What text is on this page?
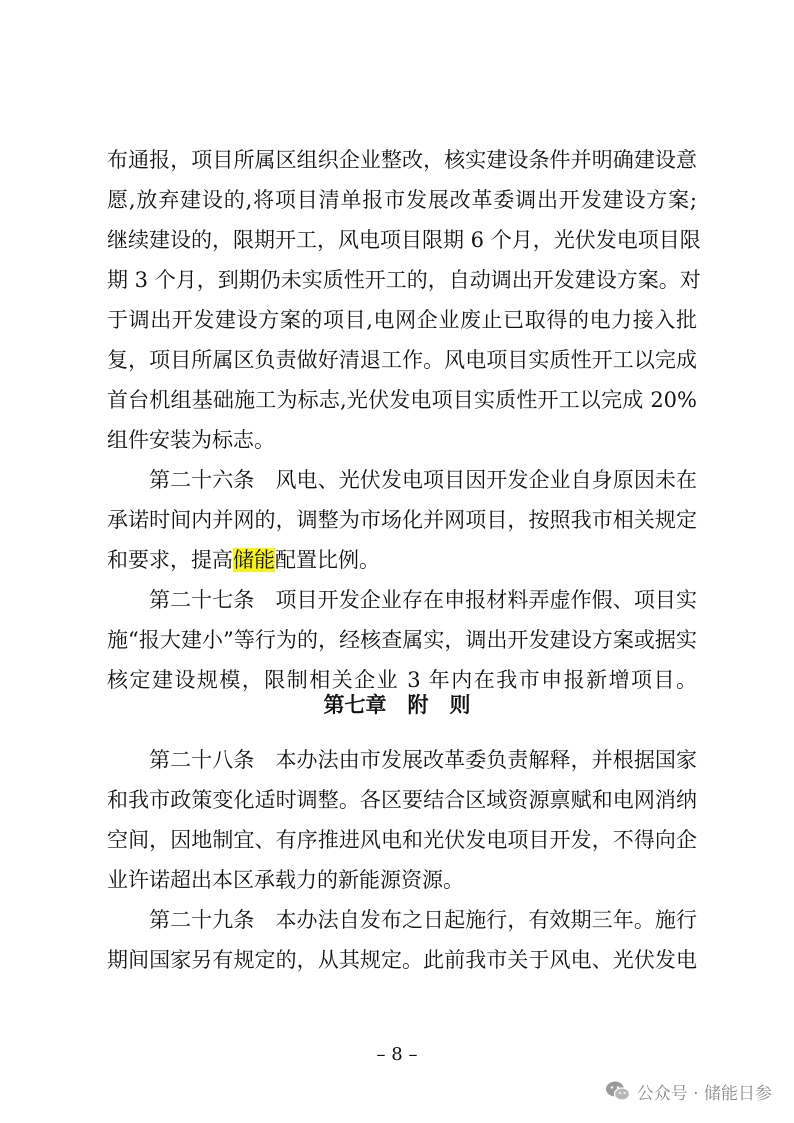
布通报，项目所属区组织企业整改，核实建设条件并明确建设意
愿,放弃建设的,将项目清单报市发展改革委调出开发建设方案;
继续建设的，限期开工，风电项目限期 6 个月，光伏发电项目限
期 3 个月，到期仍未实质性开工的，自动调出开发建设方案。对
于调出开发建设方案的项目,电网企业废止已取得的电力接入批
复，项目所属区负责做好清退工作。风电项目实质性开工以完成
首台机组基础施工为标志,光伏发电项目实质性开工以完成 20%
组件安装为标志。
第二十六条　风电、光伏发电项目因开发企业自身原因未在
承诺时间内并网的，调整为市场化并网项目，按照我市相关规定
和要求，提高储能配置比例。
第二十七条　项目开发企业存在申报材料弄虚作假、项目实
施“报大建小”等行为的，经核查属实，调出开发建设方案或据实
核定建设规模，限制相关企业 3 年内在我市申报新增项目。
第七章　附　则
第二十八条　本办法由市发展改革委负责解释，并根据国家
和我市政策变化适时调整。各区要结合区域资源禀赋和电网消纳
空间，因地制宜、有序推进风电和光伏发电项目开发，不得向企
业许诺超出本区承载力的新能源资源。
第二十九条　本办法自发布之日起施行，有效期三年。施行
期间国家另有规定的，从其规定。此前我市关于风电、光伏发电
– 8 –
公众号 · 储能日参
